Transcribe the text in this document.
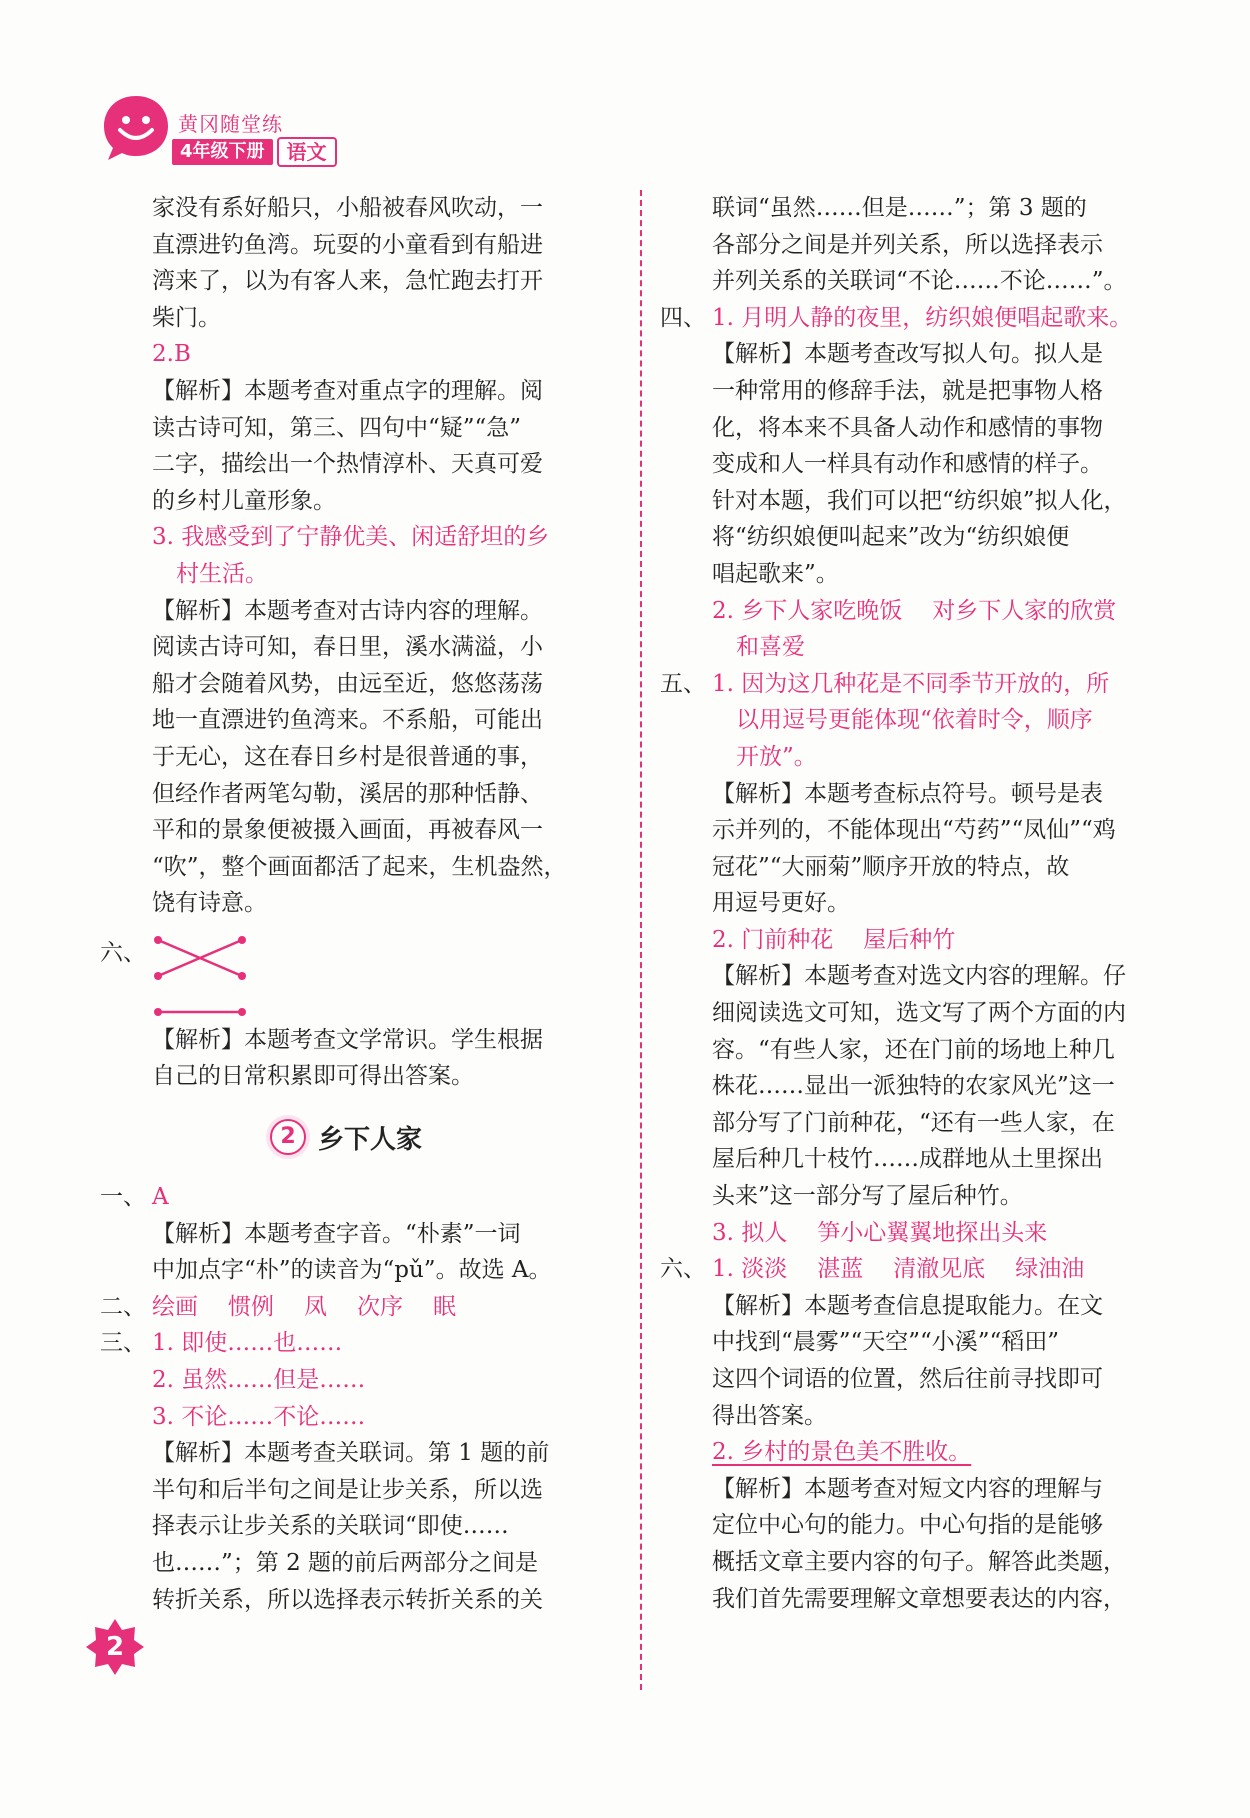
黄冈随堂练
4年级下册	语文
家没有系好船只，小船被春风吹动，一
直漂进钓鱼湾。玩耍的小童看到有船进
湾来了，以为有客人来，急忙跑去打开
柴门。
2.B
【解析】本题考查对重点字的理解。阅
读古诗可知，第三、四句中“疑”“急”
二字，描绘出一个热情淳朴、天真可爱
的乡村儿童形象。
3. 我感受到了宁静优美、闲适舒坦的乡
村生活。
【解析】本题考查对古诗内容的理解。
阅读古诗可知，春日里，溪水满溢，小
船才会随着风势，由远至近，悠悠荡荡
地一直漂进钓鱼湾来。不系船，可能出
于无心，这在春日乡村是很普通的事，
但经作者两笔勾勒，溪居的那种恬静、
平和的景象便被摄入画面，再被春风一
“吹”，整个画面都活了起来，生机盎然，
饶有诗意。
六、
【解析】本题考查文学常识。学生根据
自己的日常积累即可得出答案。
2 乡下人家
一、 A
【解析】本题考查字音。“朴素”一词
中加点字“朴”的读音为“pǔ”。故选 A。
二、 绘画 惯例 凤 次序 眠
三、 1. 即使……也……
2. 虽然……但是……
3. 不论……不论……
【解析】本题考查关联词。第 1 题的前
半句和后半句之间是让步关系，所以选
择表示让步关系的关联词“即使……
也……”；第 2 题的前后两部分之间是
转折关系，所以选择表示转折关系的关
联词“虽然……但是……”；第 3 题的
各部分之间是并列关系，所以选择表示
并列关系的关联词“不论……不论……”。
四、 1. 月明人静的夜里，纺织娘便唱起歌来。
【解析】本题考查改写拟人句。拟人是
一种常用的修辞手法，就是把事物人格
化，将本来不具备人动作和感情的事物
变成和人一样具有动作和感情的样子。
针对本题，我们可以把“纺织娘”拟人化，
将“纺织娘便叫起来”改为“纺织娘便
唱起歌来”。
2. 乡下人家吃晚饭 对乡下人家的欣赏
和喜爱
五、 1. 因为这几种花是不同季节开放的，所
以用逗号更能体现“依着时令，顺序
开放”。
【解析】本题考查标点符号。顿号是表
示并列的，不能体现出“芍药”“凤仙”“鸡
冠花”“大丽菊”顺序开放的特点，故
用逗号更好。
2. 门前种花 屋后种竹
【解析】本题考查对选文内容的理解。仔
细阅读选文可知，选文写了两个方面的内
容。“有些人家，还在门前的场地上种几
株花……显出一派独特的农家风光”这一
部分写了门前种花，“还有一些人家，在
屋后种几十枝竹……成群地从土里探出
头来”这一部分写了屋后种竹。
3. 拟人 笋小心翼翼地探出头来
六、 1. 淡淡 湛蓝 清澈见底 绿油油
【解析】本题考查信息提取能力。在文
中找到“晨雾”“天空”“小溪”“稻田”
这四个词语的位置，然后往前寻找即可
得出答案。
2. 乡村的景色美不胜收。
【解析】本题考查对短文内容的理解与
定位中心句的能力。中心句指的是能够
概括文章主要内容的句子。解答此类题，
我们首先需要理解文章想要表达的内容，
2
